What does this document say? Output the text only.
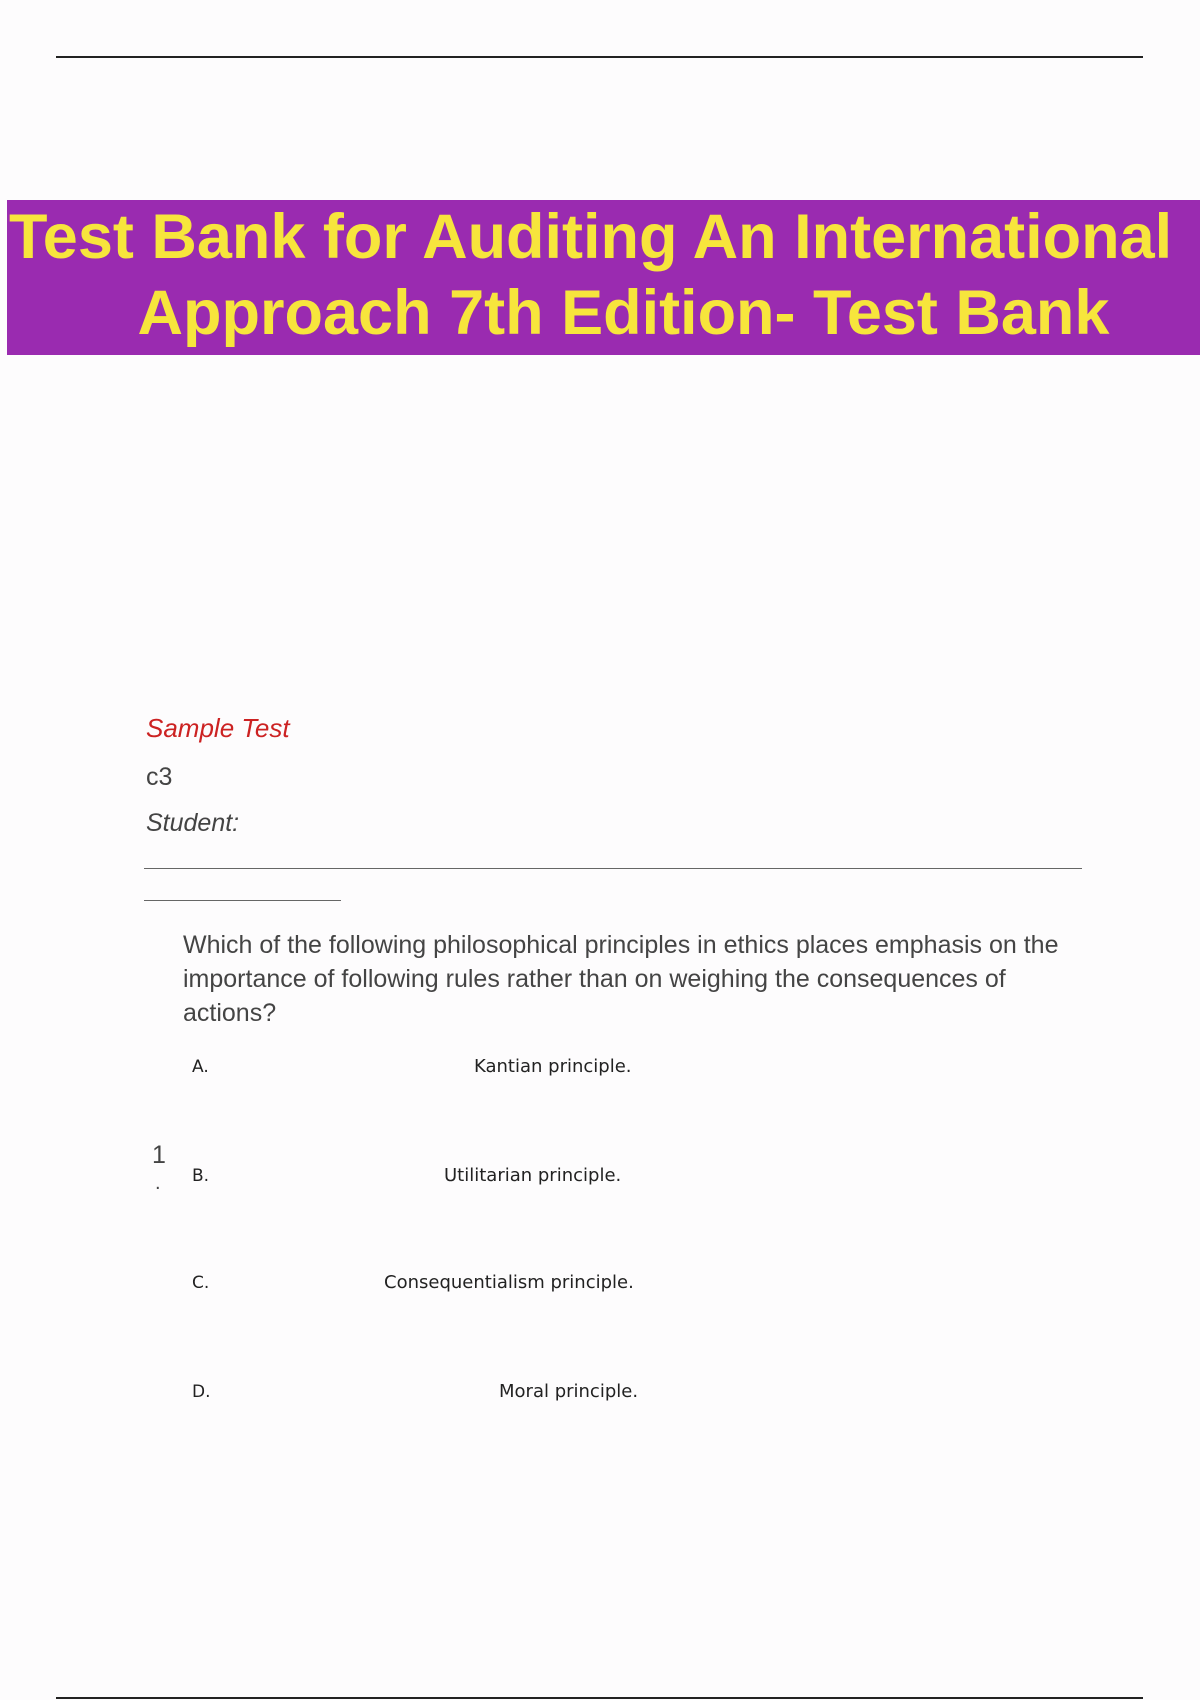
Test Bank for Auditing An International
Approach 7th Edition- Test Bank
Sample Test
c3
Student:
Which of the following philosophical principles in ethics places emphasis on the importance of following rules rather than on weighing the consequences of actions?
1
.
A.	Kantian principle.
B.	Utilitarian principle.
C.	Consequentialism principle.
D.	Moral principle.
